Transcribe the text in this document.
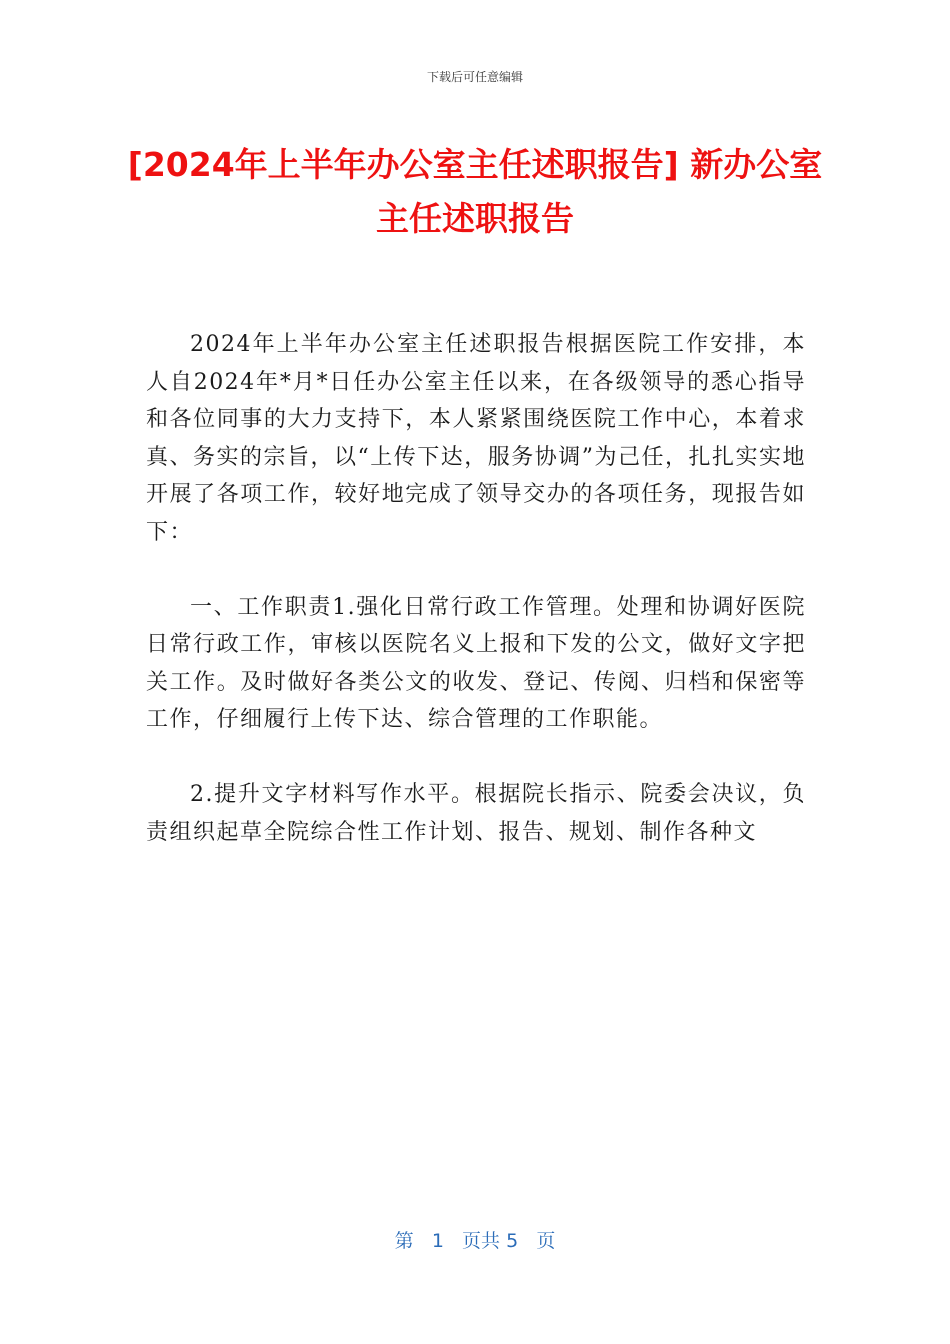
下载后可任意编辑
[2024年上半年办公室主任述职报告] 新办公室主任述职报告

2024年上半年办公室主任述职报告根据医院工作安排，本人自2024年*月*日任办公室主任以来，在各级领导的悉心指导和各位同事的大力支持下，本人紧紧围绕医院工作中心，本着求真、务实的宗旨，以“上传下达，服务协调”为己任，扎扎实实地开展了各项工作，较好地完成了领导交办的各项任务，现报告如下：

一、工作职责1.强化日常行政工作管理。处理和协调好医院日常行政工作，审核以医院名义上报和下发的公文，做好文字把关工作。及时做好各类公文的收发、登记、传阅、归档和保密等工作，仔细履行上传下达、综合管理的工作职能。

2.提升文字材料写作水平。根据院长指示、院委会决议，负责组织起草全院综合性工作计划、报告、规划、制作各种文

第 1 页共 5 页
